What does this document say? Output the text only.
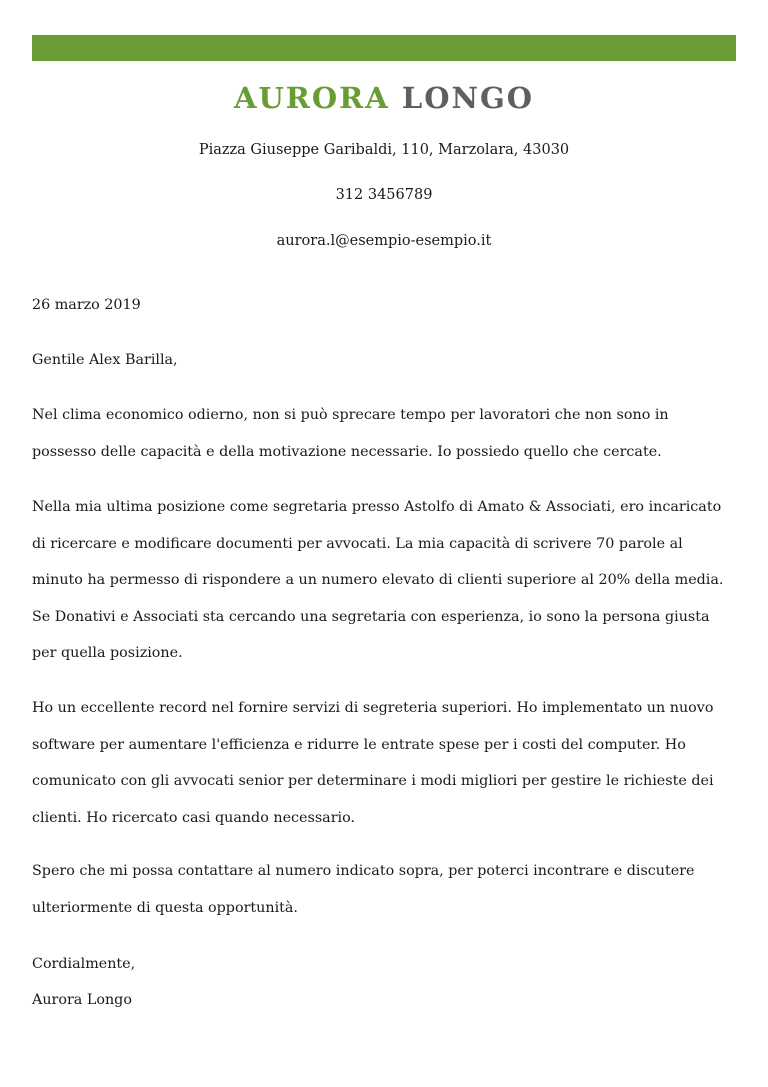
AURORA LONGO
Piazza Giuseppe Garibaldi, 110, Marzolara, 43030
312 3456789
aurora.l@esempio-esempio.it

26 marzo 2019

Gentile Alex Barilla,

Nel clima economico odierno, non si può sprecare tempo per lavoratori che non sono in possesso delle capacità e della motivazione necessarie. Io possiedo quello che cercate.

Nella mia ultima posizione come segretaria presso Astolfo di Amato & Associati, ero incaricato di ricercare e modificare documenti per avvocati. La mia capacità di scrivere 70 parole al minuto ha permesso di rispondere a un numero elevato di clienti superiore al 20% della media. Se Donativi e Associati sta cercando una segretaria con esperienza, io sono la persona giusta per quella posizione.

Ho un eccellente record nel fornire servizi di segreteria superiori. Ho implementato un nuovo software per aumentare l'efficienza e ridurre le entrate spese per i costi del computer. Ho comunicato con gli avvocati senior per determinare i modi migliori per gestire le richieste dei clienti. Ho ricercato casi quando necessario.

Spero che mi possa contattare al numero indicato sopra, per poterci incontrare e discutere ulteriormente di questa opportunità.

Cordialmente,

Aurora Longo
